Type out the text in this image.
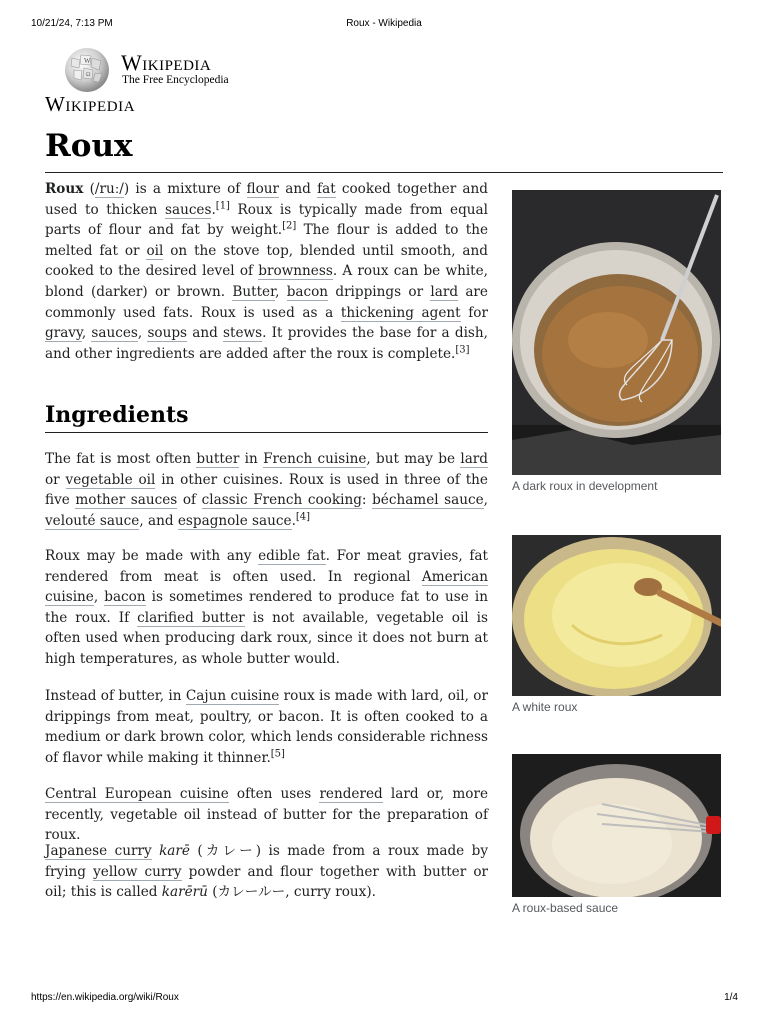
10/21/24, 7:13 PM	Roux - Wikipedia
W
Ω Wikipedia
The Free Encyclopedia
Wikipedia
Roux

Roux (/ruː/) is a mixture of flour and fat cooked together and used to thicken sauces.[1] Roux is typically made from equal parts of flour and fat by weight.[2] The flour is added to the melted fat or oil on the stove top, blended until smooth, and cooked to the desired level of brownness. A roux can be white, blond (darker) or brown. Butter, bacon drippings or lard are commonly used fats. Roux is used as a thickening agent for gravy, sauces, soups and stews. It provides the base for a dish, and other ingredients are added after the roux is complete.[3]

Ingredients

The fat is most often butter in French cuisine, but may be lard or vegetable oil in other cuisines. Roux is used in three of the five mother sauces of classic French cooking: béchamel sauce, velouté sauce, and espagnole sauce.[4]

Roux may be made with any edible fat. For meat gravies, fat rendered from meat is often used. In regional American cuisine, bacon is sometimes rendered to produce fat to use in the roux. If clarified butter is not available, vegetable oil is often used when producing dark roux, since it does not burn at high temperatures, as whole butter would.

Instead of butter, in Cajun cuisine roux is made with lard, oil, or drippings from meat, poultry, or bacon. It is often cooked to a medium or dark brown color, which lends considerable richness of flavor while making it thinner.[5]

Central European cuisine often uses rendered lard or, more recently, vegetable oil instead of butter for the preparation of roux.

Japanese curry karē (カレー) is made from a roux made by frying yellow curry powder and flour together with butter or oil; this is called karērū (カレールー, curry roux).

A dark roux in development
A white roux
A roux-based sauce
https://en.wikipedia.org/wiki/Roux	1/4
